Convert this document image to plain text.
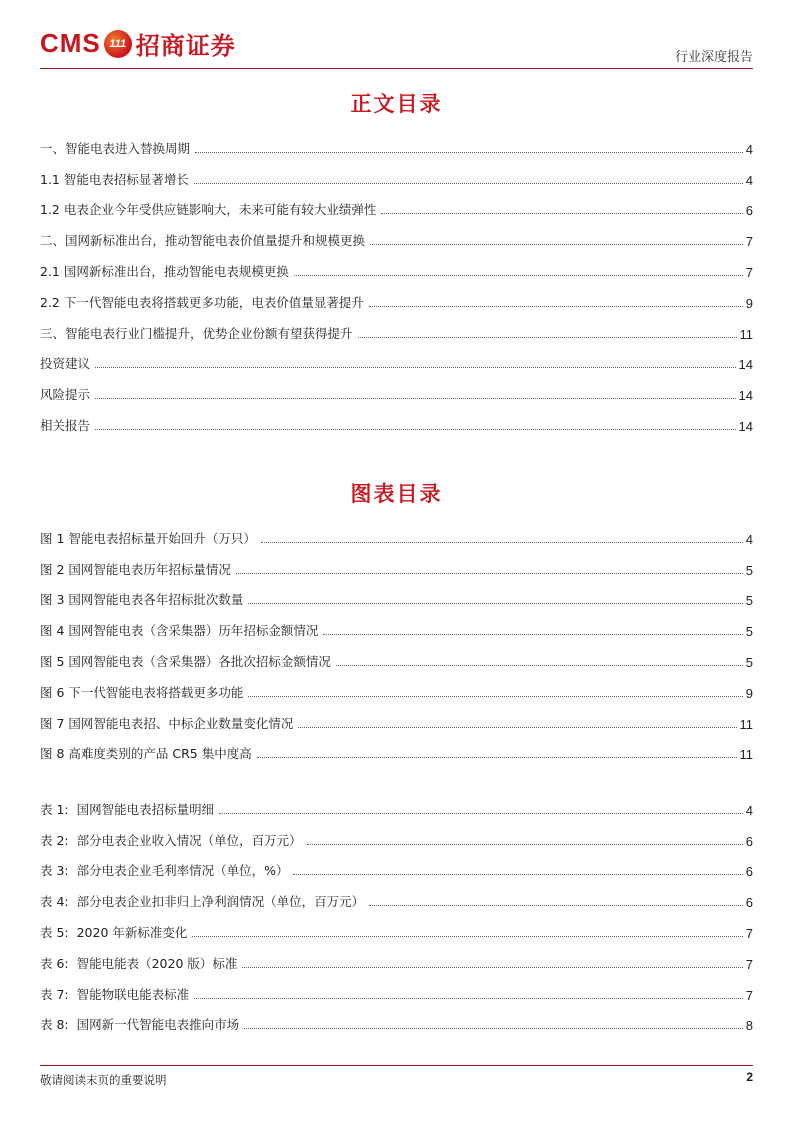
CMS 111 招商证券	行业深度报告
正文目录
一、智能电表进入替换周期	4
1.1 智能电表招标显著增长	4
1.2 电表企业今年受供应链影响大，未来可能有较大业绩弹性	6
二、国网新标准出台，推动智能电表价值量提升和规模更换	7
2.1 国网新标准出台，推动智能电表规模更换	7
2.2 下一代智能电表将搭载更多功能，电表价值量显著提升	9
三、智能电表行业门槛提升，优势企业份额有望获得提升	11
投资建议	14
风险提示	14
相关报告	14
图表目录
图 1 智能电表招标量开始回升（万只）	4
图 2 国网智能电表历年招标量情况	5
图 3 国网智能电表各年招标批次数量	5
图 4 国网智能电表（含采集器）历年招标金额情况	5
图 5 国网智能电表（含采集器）各批次招标金额情况	5
图 6 下一代智能电表将搭载更多功能	9
图 7 国网智能电表招、中标企业数量变化情况	11
图 8 高难度类别的产品 CR5 集中度高	11
表 1:  国网智能电表招标量明细	4
表 2:  部分电表企业收入情况（单位，百万元）	6
表 3:  部分电表企业毛利率情况（单位，%）	6
表 4:  部分电表企业扣非归上净利润情况（单位，百万元）	6
表 5:  2020 年新标准变化	7
表 6:  智能电能表（2020 版）标准	7
表 7:  智能物联电能表标准	7
表 8:  国网新一代智能电表推向市场	8
敬请阅读末页的重要说明	2
